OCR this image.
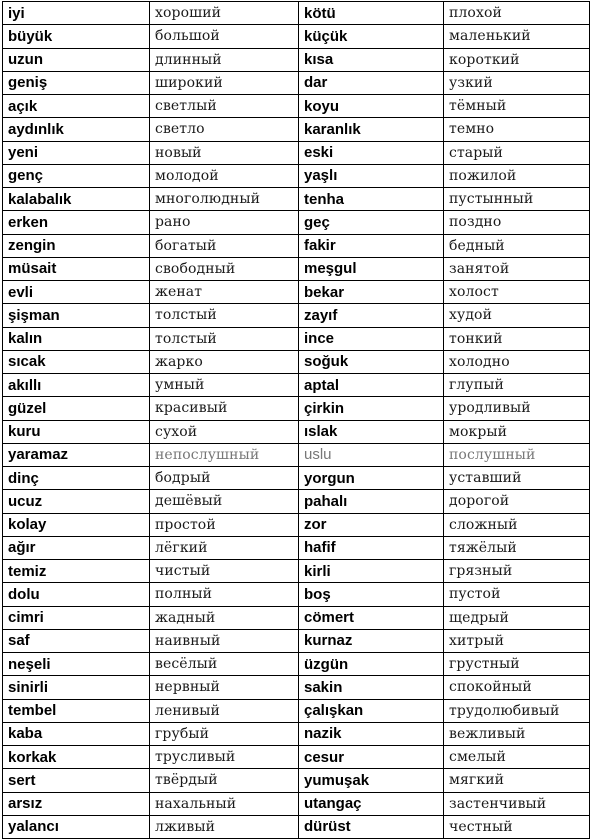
iyi	хороший	kötü	плохой
büyük	большой	küçük	маленький
uzun	длинный	kısa	короткий
geniş	широкий	dar	узкий
açık	светлый	koyu	тёмный
aydınlık	светло	karanlık	темно
yeni	новый	eski	старый
genç	молодой	yaşlı	пожилой
kalabalık	многолюдный	tenha	пустынный
erken	рано	geç	поздно
zengin	богатый	fakir	бедный
müsait	свободный	meşgul	занятой
evli	женат	bekar	холост
şişman	толстый	zayıf	худой
kalın	толстый	ince	тонкий
sıcak	жарко	soğuk	холодно
akıllı	умный	aptal	глупый
güzel	красивый	çirkin	уродливый
kuru	сухой	ıslak	мокрый
yaramaz	непослушный	uslu	послушный
dinç	бодрый	yorgun	уставший
ucuz	дешёвый	pahalı	дорогой
kolay	простой	zor	сложный
ağır	лёгкий	hafif	тяжёлый
temiz	чистый	kirli	грязный
dolu	полный	boş	пустой
cimri	жадный	cömert	щедрый
saf	наивный	kurnaz	хитрый
neşeli	весёлый	üzgün	грустный
sinirli	нервный	sakin	спокойный
tembel	ленивый	çalışkan	трудолюбивый
kaba	грубый	nazik	вежливый
korkak	трусливый	cesur	смелый
sert	твёрдый	yumuşak	мягкий
arsız	нахальный	utangaç	застенчивый
yalancı	лживый	dürüst	честный
